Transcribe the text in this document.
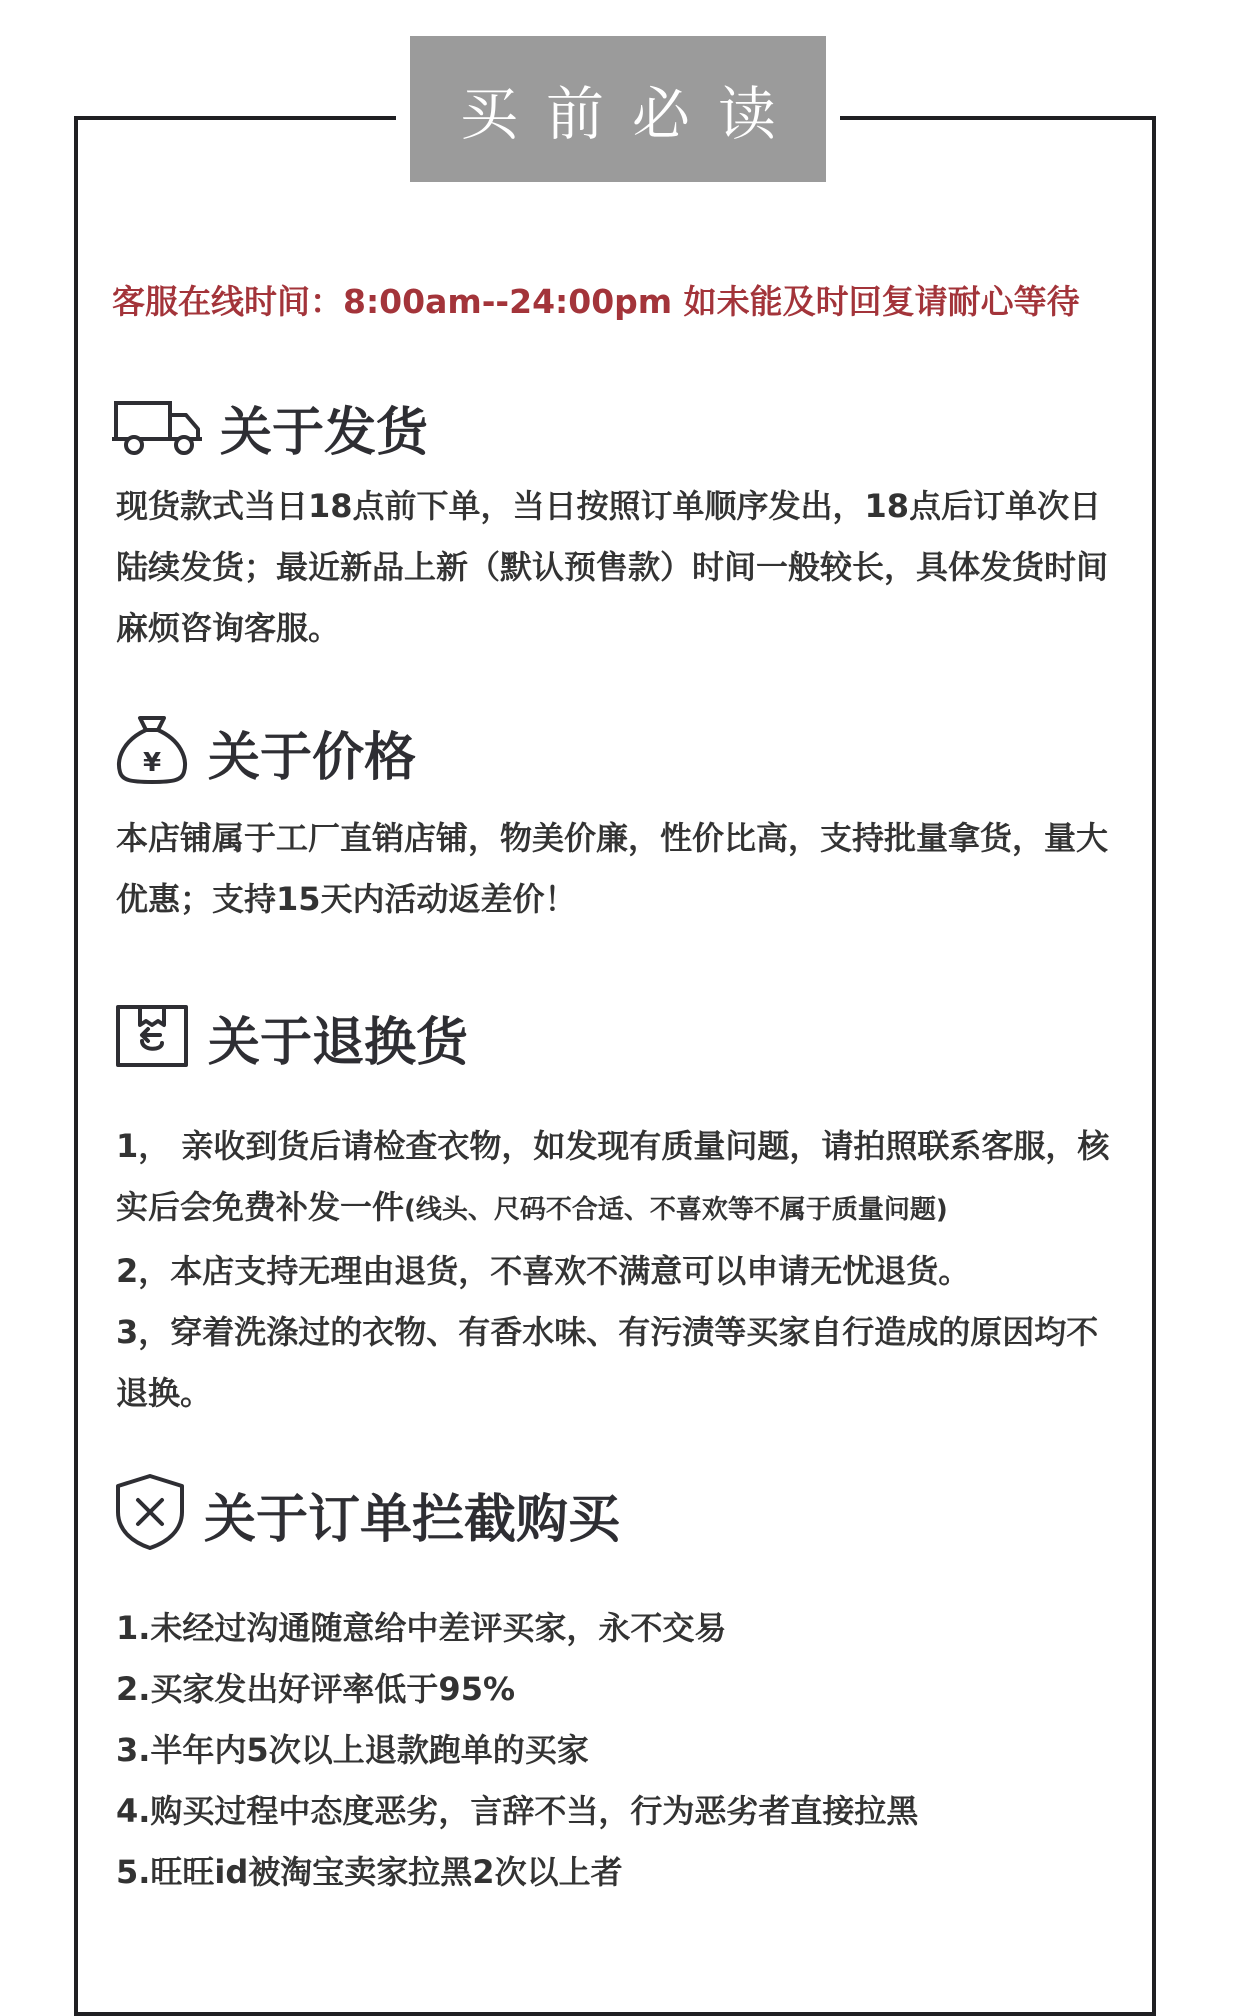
买前必读
客服在线时间：8:00am--24:00pm 如未能及时回复请耐心等待
关于发货
现货款式当日18点前下单，当日按照订单顺序发出，18点后订单次日陆续发货；最近新品上新（默认预售款）时间一般较长，具体发货时间麻烦咨询客服。
¥ 关于价格
本店铺属于工厂直销店铺，物美价廉，性价比高，支持批量拿货，量大优惠；支持15天内活动返差价！
关于退换货
1， 亲收到货后请检查衣物，如发现有质量问题，请拍照联系客服，核实后会免费补发一件(线头、尺码不合适、不喜欢等不属于质量问题)
2，本店支持无理由退货，不喜欢不满意可以申请无忧退货。
3，穿着洗涤过的衣物、有香水味、有污渍等买家自行造成的原因均不退换。
关于订单拦截购买
1.未经过沟通随意给中差评买家，永不交易
2.买家发出好评率低于95%
3.半年内5次以上退款跑单的买家
4.购买过程中态度恶劣，言辞不当，行为恶劣者直接拉黑
5.旺旺id被淘宝卖家拉黑2次以上者
